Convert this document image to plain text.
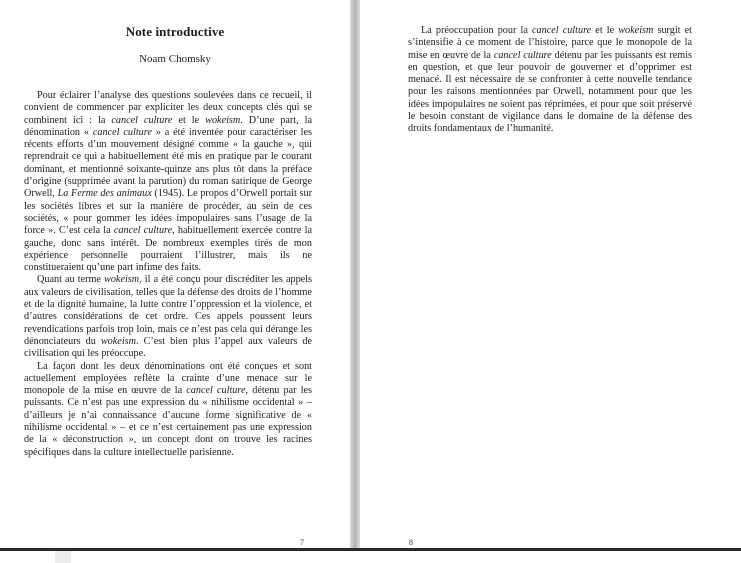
Note introductive
Noam Chomsky

Pour éclairer l’analyse des questions soulevées dans ce recueil, il convient de commencer par expliciter les deux concepts clés qui se combinent ici : la cancel culture et le wokeism. D’une part, la dénomination « cancel culture » a été inventée pour caractériser les récents efforts d’un mouvement désigné comme « la gauche », qui reprendrait ce qui a habituellement été mis en pratique par le courant dominant, et mentionné soixante-quinze ans plus tôt dans la préface d’origine (supprimée avant la parution) du roman satirique de George Orwell, La Ferme des animaux (1945). Le propos d’Orwell portait sur les sociétés libres et sur la manière de procéder, au sein de ces sociétés, « pour gommer les idées impopulaires sans l’usage de la force ». C’est cela la cancel culture, habituellement exercée contre la gauche, donc sans intérêt. De nombreux exemples tirés de mon expérience personnelle pourraient l’illustrer, mais ils ne constitueraient qu’une part infime des faits.

Quant au terme wokeism, il a été conçu pour discréditer les appels aux valeurs de civilisation, telles que la défense des droits de l’homme et de la dignité humaine, la lutte contre l’oppression et la violence, et d’autres considérations de cet ordre. Ces appels poussent leurs revendications parfois trop loin, mais ce n’est pas cela qui dérange les dénonciateurs du wokeism. C’est bien plus l’appel aux valeurs de civilisation qui les préoccupe.

La façon dont les deux dénominations ont été conçues et sont actuellement employées reflète la crainte d’une menace sur le monopole de la mise en œuvre de la cancel culture, détenu par les puissants. Ce n’est pas une expression du « nihilisme occidental » – d’ailleurs je n’ai connaissance d’aucune forme significative de « nihilisme occidental » – et ce n’est certainement pas une expression de la « déconstruction », un concept dont on trouve les racines spécifiques dans la culture intellectuelle parisienne.

7

La préoccupation pour la cancel culture et le wokeism surgit et s’intensifie à ce moment de l’histoire, parce que le monopole de la mise en œuvre de la cancel culture détenu par les puissants est remis en question, et que leur pouvoir de gouverner et d’opprimer est menacé. Il est nécessaire de se confronter à cette nouvelle tendance pour les raisons mentionnées par Orwell, notamment pour que les idées impopulaires ne soient pas réprimées, et pour que soit préservé le besoin constant de vigilance dans le domaine de la défense des droits fondamentaux de l’humanité.

8
